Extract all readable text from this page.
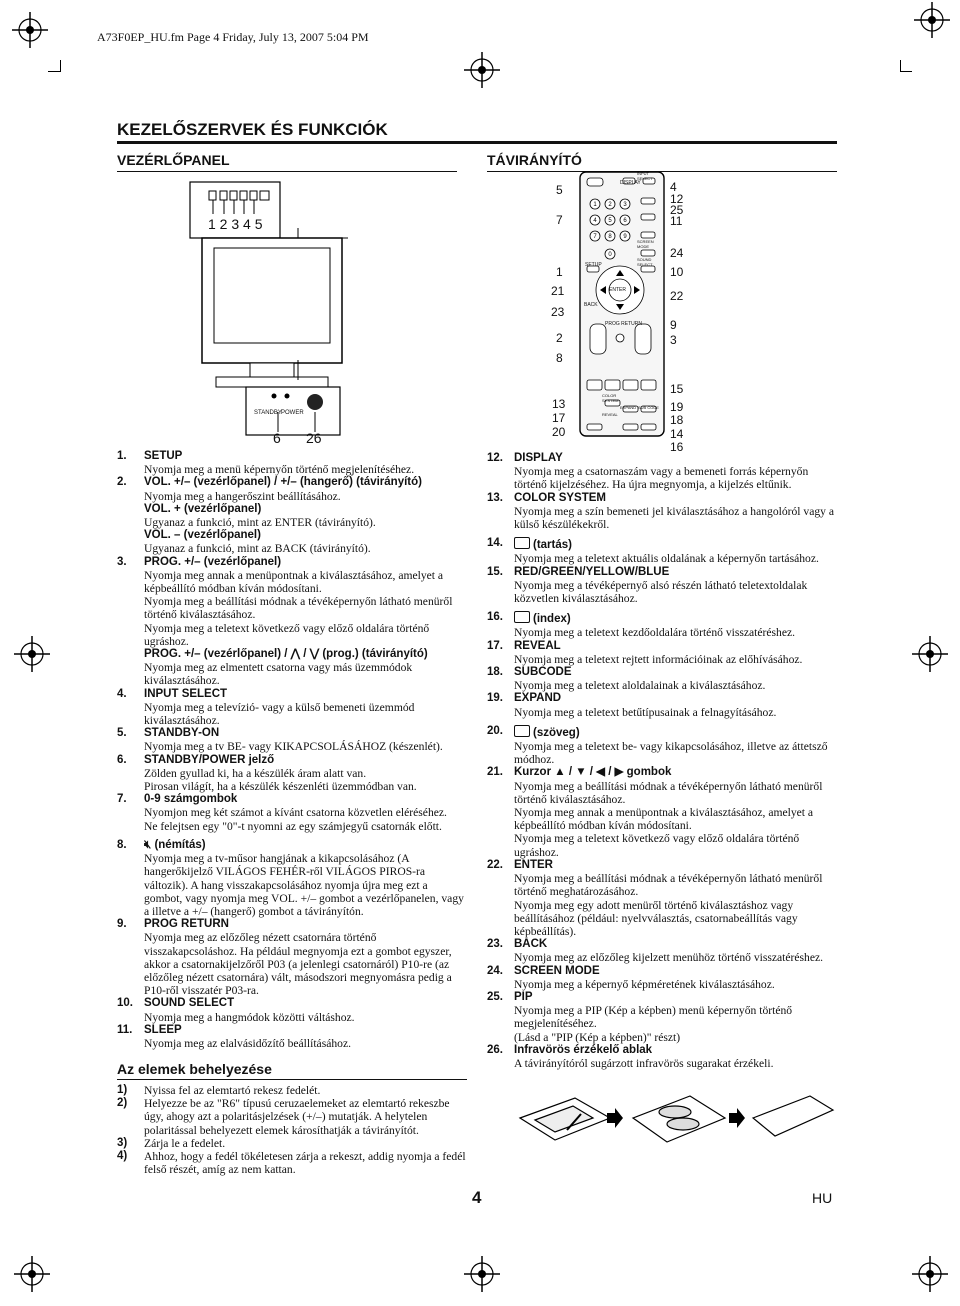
A73F0EP_HU.fm Page 4 Friday, July 13, 2007 5:04 PM
KEZELŐSZERVEK ÉS FUNKCIÓK
VEZÉRLŐPANEL	TÁVIRÁNYÍTÓ
1 2 3 4 5
STANDBY POWER
6 26
1 2 3
4 5 6
7 8 9
0
DISPLAY
INPUT SELECT
SETUP
ENTER
BACK
PROG RETURN
SCREEN MODE
SOUND SELECT
COLOR SYSTEM
REVEAL
EXPAND SUB CODE
5
7
1
21
23
2
8
13
17
20
4
12
25
11
24
10
22
9
3
15
19
18
14
16
1.	SETUP
Nyomja meg a menü képernyőn történő megjelenítéséhez.
2.	VOL. +/– (vezérlőpanel) / +/– (hangerő) (távirányító)
Nyomja meg a hangerőszint beállításához.
VOL. + (vezérlőpanel)
Ugyanaz a funkció, mint az ENTER (távirányító).
VOL. – (vezérlőpanel)
Ugyanaz a funkció, mint az BACK (távirányító).
3.	PROG. +/– (vezérlőpanel)
Nyomja meg annak a menüpontnak a kiválasztásához, amelyet a képbeállító módban kíván módosítani.
Nyomja meg a beállítási módnak a tévéképernyőn látható menüről történő kiválasztásához.
Nyomja meg a teletext következő vagy előző oldalára történő ugráshoz.
PROG. +/– (vezérlőpanel) / ⋀ / ⋁ (prog.) (távirányító)
Nyomja meg az elmentett csatorna vagy más üzemmódok kiválasztásához.
4.	INPUT SELECT
Nyomja meg a televízió- vagy a külső bemeneti üzemmód kiválasztásához.
5.	STANDBY-ON
Nyomja meg a tv BE- vagy KIKAPCSOLÁSÁHOZ (készenlét).
6.	STANDBY/POWER jelző
Zölden gyullad ki, ha a készülék áram alatt van.
Pirosan világít, ha a készülék készenléti üzemmódban van.
7.	0-9 számgombok
Nyomjon meg két számot a kívánt csatorna közvetlen eléréséhez.
Ne felejtsen egy "0"-t nyomni az egy számjegyű csatornák előtt.
8.	🔇︎ (némítás)
Nyomja meg a tv-műsor hangjának a kikapcsolásához (A hangerőkijelző VILÁGOS FEHÉR-ről VILÁGOS PIROS-ra változik). A hang visszakapcsolásához nyomja újra meg ezt a gombot, vagy nyomja meg VOL. +/– gombot a vezérlőpanelen, vagy a illetve a +/– (hangerő) gombot a távirányítón.
9.	PROG RETURN
Nyomja meg az előzőleg nézett csatornára történő visszakapcsoláshoz. Ha például megnyomja ezt a gombot egyszer, akkor a csatornakijelzőről P03 (a jelenlegi csatornáról) P10-re (az előzőleg nézett csatornára) vált, másodszori megnyomásra pedig a P10-ről visszatér P03-ra.
10. SOUND SELECT
Nyomja meg a hangmódok közötti váltáshoz.
11.	SLEEP
Nyomja meg az elalvásidőzítő beállításához.
12. DISPLAY
Nyomja meg a csatornaszám vagy a bemeneti forrás képernyőn történő kijelzéséhez. Ha újra megnyomja, a kijelzés eltűnik.
13. COLOR SYSTEM
Nyomja meg a szín bemeneti jel kiválasztásához a hangolóról vagy a külső készülékekről.
14.	(tartás)
Nyomja meg a teletext aktuális oldalának a képernyőn tartásához.
15. RED/GREEN/YELLOW/BLUE
Nyomja meg a tévéképernyő alsó részén látható teletextoldalak közvetlen kiválasztásához.
16.	(index)
Nyomja meg a teletext kezdőoldalára történő visszatéréshez.
17. REVEAL
Nyomja meg a teletext rejtett információinak az előhívásához.
18. SUBCODE
Nyomja meg a teletext aloldalainak a kiválasztásához.
19. EXPAND
Nyomja meg a teletext betűtípusainak a felnagyításához.
20.	(szöveg)
Nyomja meg a teletext be- vagy kikapcsolásához, illetve az áttetsző módhoz.
21. Kurzor ▲ / ▼ / ◀ / ▶ gombok
Nyomja meg a beállítási módnak a tévéképernyőn látható menüről történő kiválasztásához.
Nyomja meg annak a menüpontnak a kiválasztásához, amelyet a képbeállító módban kíván módosítani.
Nyomja meg a teletext következő vagy előző oldalára történő ugráshoz.
22. ENTER
Nyomja meg a beállítási módnak a tévéképernyőn látható menüről történő meghatározásához.
Nyomja meg egy adott menüről történő kiválasztáshoz vagy beállításához (például: nyelvválasztás, csatornabeállítás vagy képbeállítás).
23. BACK
Nyomja meg az előzőleg kijelzett menühöz történő visszatéréshez.
24. SCREEN MODE
Nyomja meg a képernyő képméretének kiválasztásához.
25. PIP
Nyomja meg a PIP (Kép a képben) menü képernyőn történő megjelenítéséhez.
(Lásd a "PIP (Kép a képben)" részt)
26. Infravörös érzékelő ablak
A távirányítóról sugárzott infravörös sugarakat érzékeli.
Az elemek behelyezése
1)	Nyissa fel az elemtartó rekesz fedelét.
2)	Helyezze be az "R6" típusú ceruzaelemeket az elemtartó rekeszbe úgy, ahogy azt a polaritásjelzések (+/–) mutatják. A helytelen polaritással behelyezett elemek károsíthatják a távirányítót.
3)	Zárja le a fedelet.
4)	Ahhoz, hogy a fedél tökéletesen zárja a rekeszt, addig nyomja a fedél felső részét, amíg az nem kattan.
4	HU
